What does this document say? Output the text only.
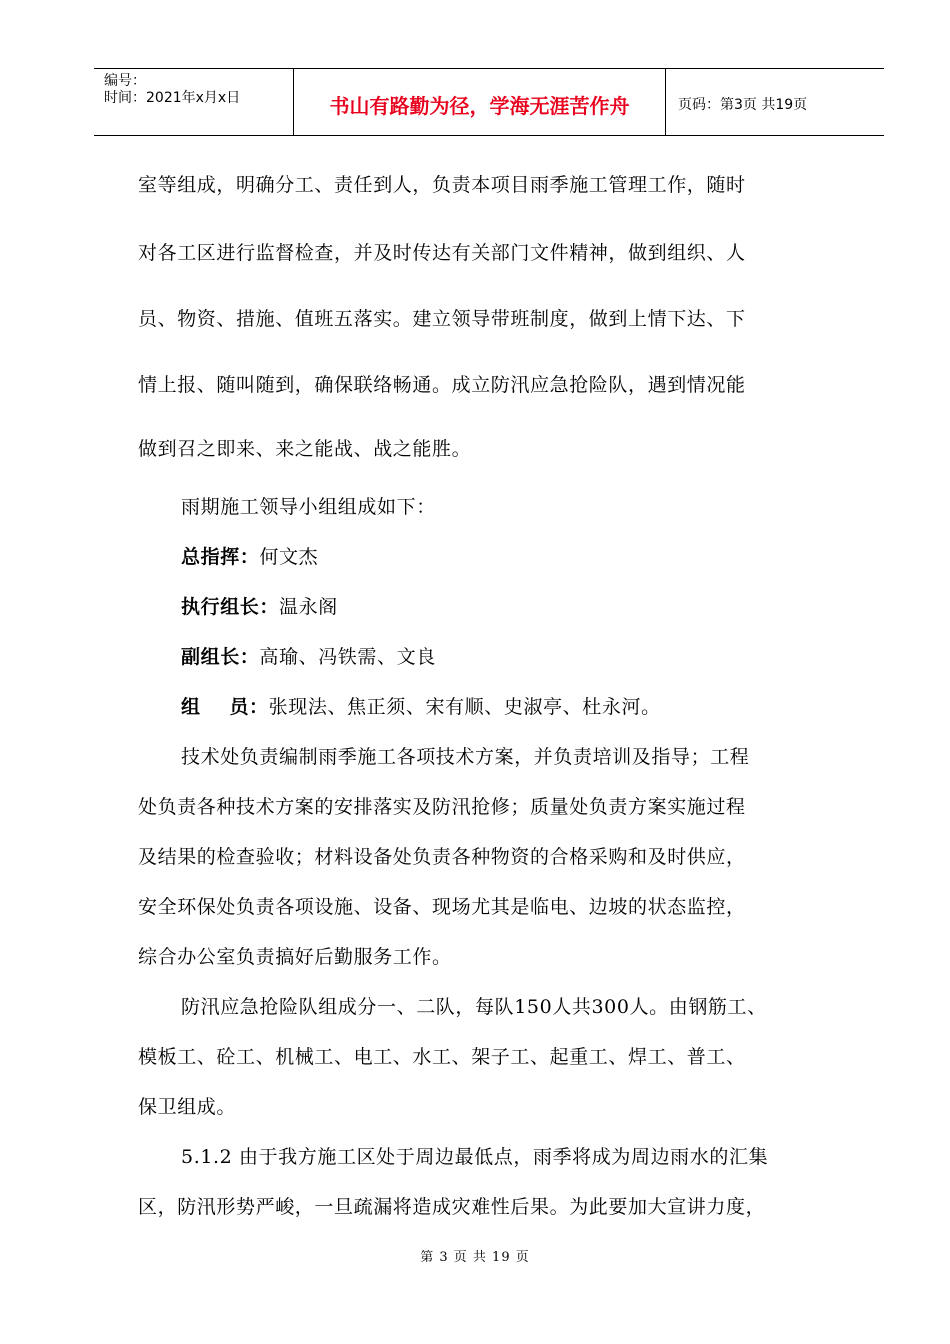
编号：
时间：2021年x月x日	书山有路勤为径，学海无涯苦作舟	页码：第3页 共19页
室等组成，明确分工、责任到人，负责本项目雨季施工管理工作，随时
对各工区进行监督检查，并及时传达有关部门文件精神，做到组织、人
员、物资、措施、值班五落实。建立领导带班制度，做到上情下达、下
情上报、随叫随到，确保联络畅通。成立防汛应急抢险队，遇到情况能
做到召之即来、来之能战、战之能胜。
雨期施工领导小组组成如下：
总指挥：何文杰
执行组长：温永阁
副组长：高瑜、冯铁需、文良
组    员：张现法、焦正须、宋有顺、史淑亭、杜永河。
技术处负责编制雨季施工各项技术方案，并负责培训及指导；工程
处负责各种技术方案的安排落实及防汛抢修；质量处负责方案实施过程
及结果的检查验收；材料设备处负责各种物资的合格采购和及时供应，
安全环保处负责各项设施、设备、现场尤其是临电、边坡的状态监控，
综合办公室负责搞好后勤服务工作。
防汛应急抢险队组成分一、二队，每队150人共300人。由钢筋工、
模板工、砼工、机械工、电工、水工、架子工、起重工、焊工、普工、
保卫组成。
5.1.2 由于我方施工区处于周边最低点，雨季将成为周边雨水的汇集
区，防汛形势严峻，一旦疏漏将造成灾难性后果。为此要加大宣讲力度，
第 3 页 共 19 页
